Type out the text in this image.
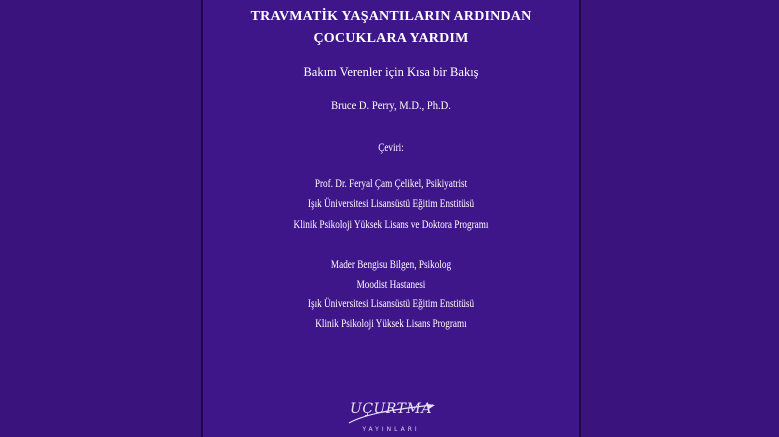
TRAVMATİK YAŞANTILARIN ARDINDAN
ÇOCUKLARA YARDIM
Bakım Verenler için Kısa bir Bakış
Bruce D. Perry, M.D., Ph.D.
Çeviri:
Prof. Dr. Feryal Çam Çelikel, Psikiyatrist
Işık Üniversitesi Lisansüstü Eğitim Enstitüsü
Klinik Psikoloji Yüksek Lisans ve Doktora Programı
Mader Bengisu Bilgen, Psikolog
Moodist Hastanesi
Işık Üniversitesi Lisansüstü Eğitim Enstitüsü
Klinik Psikoloji Yüksek Lisans Programı
UÇURTMA
YAYINLARI
